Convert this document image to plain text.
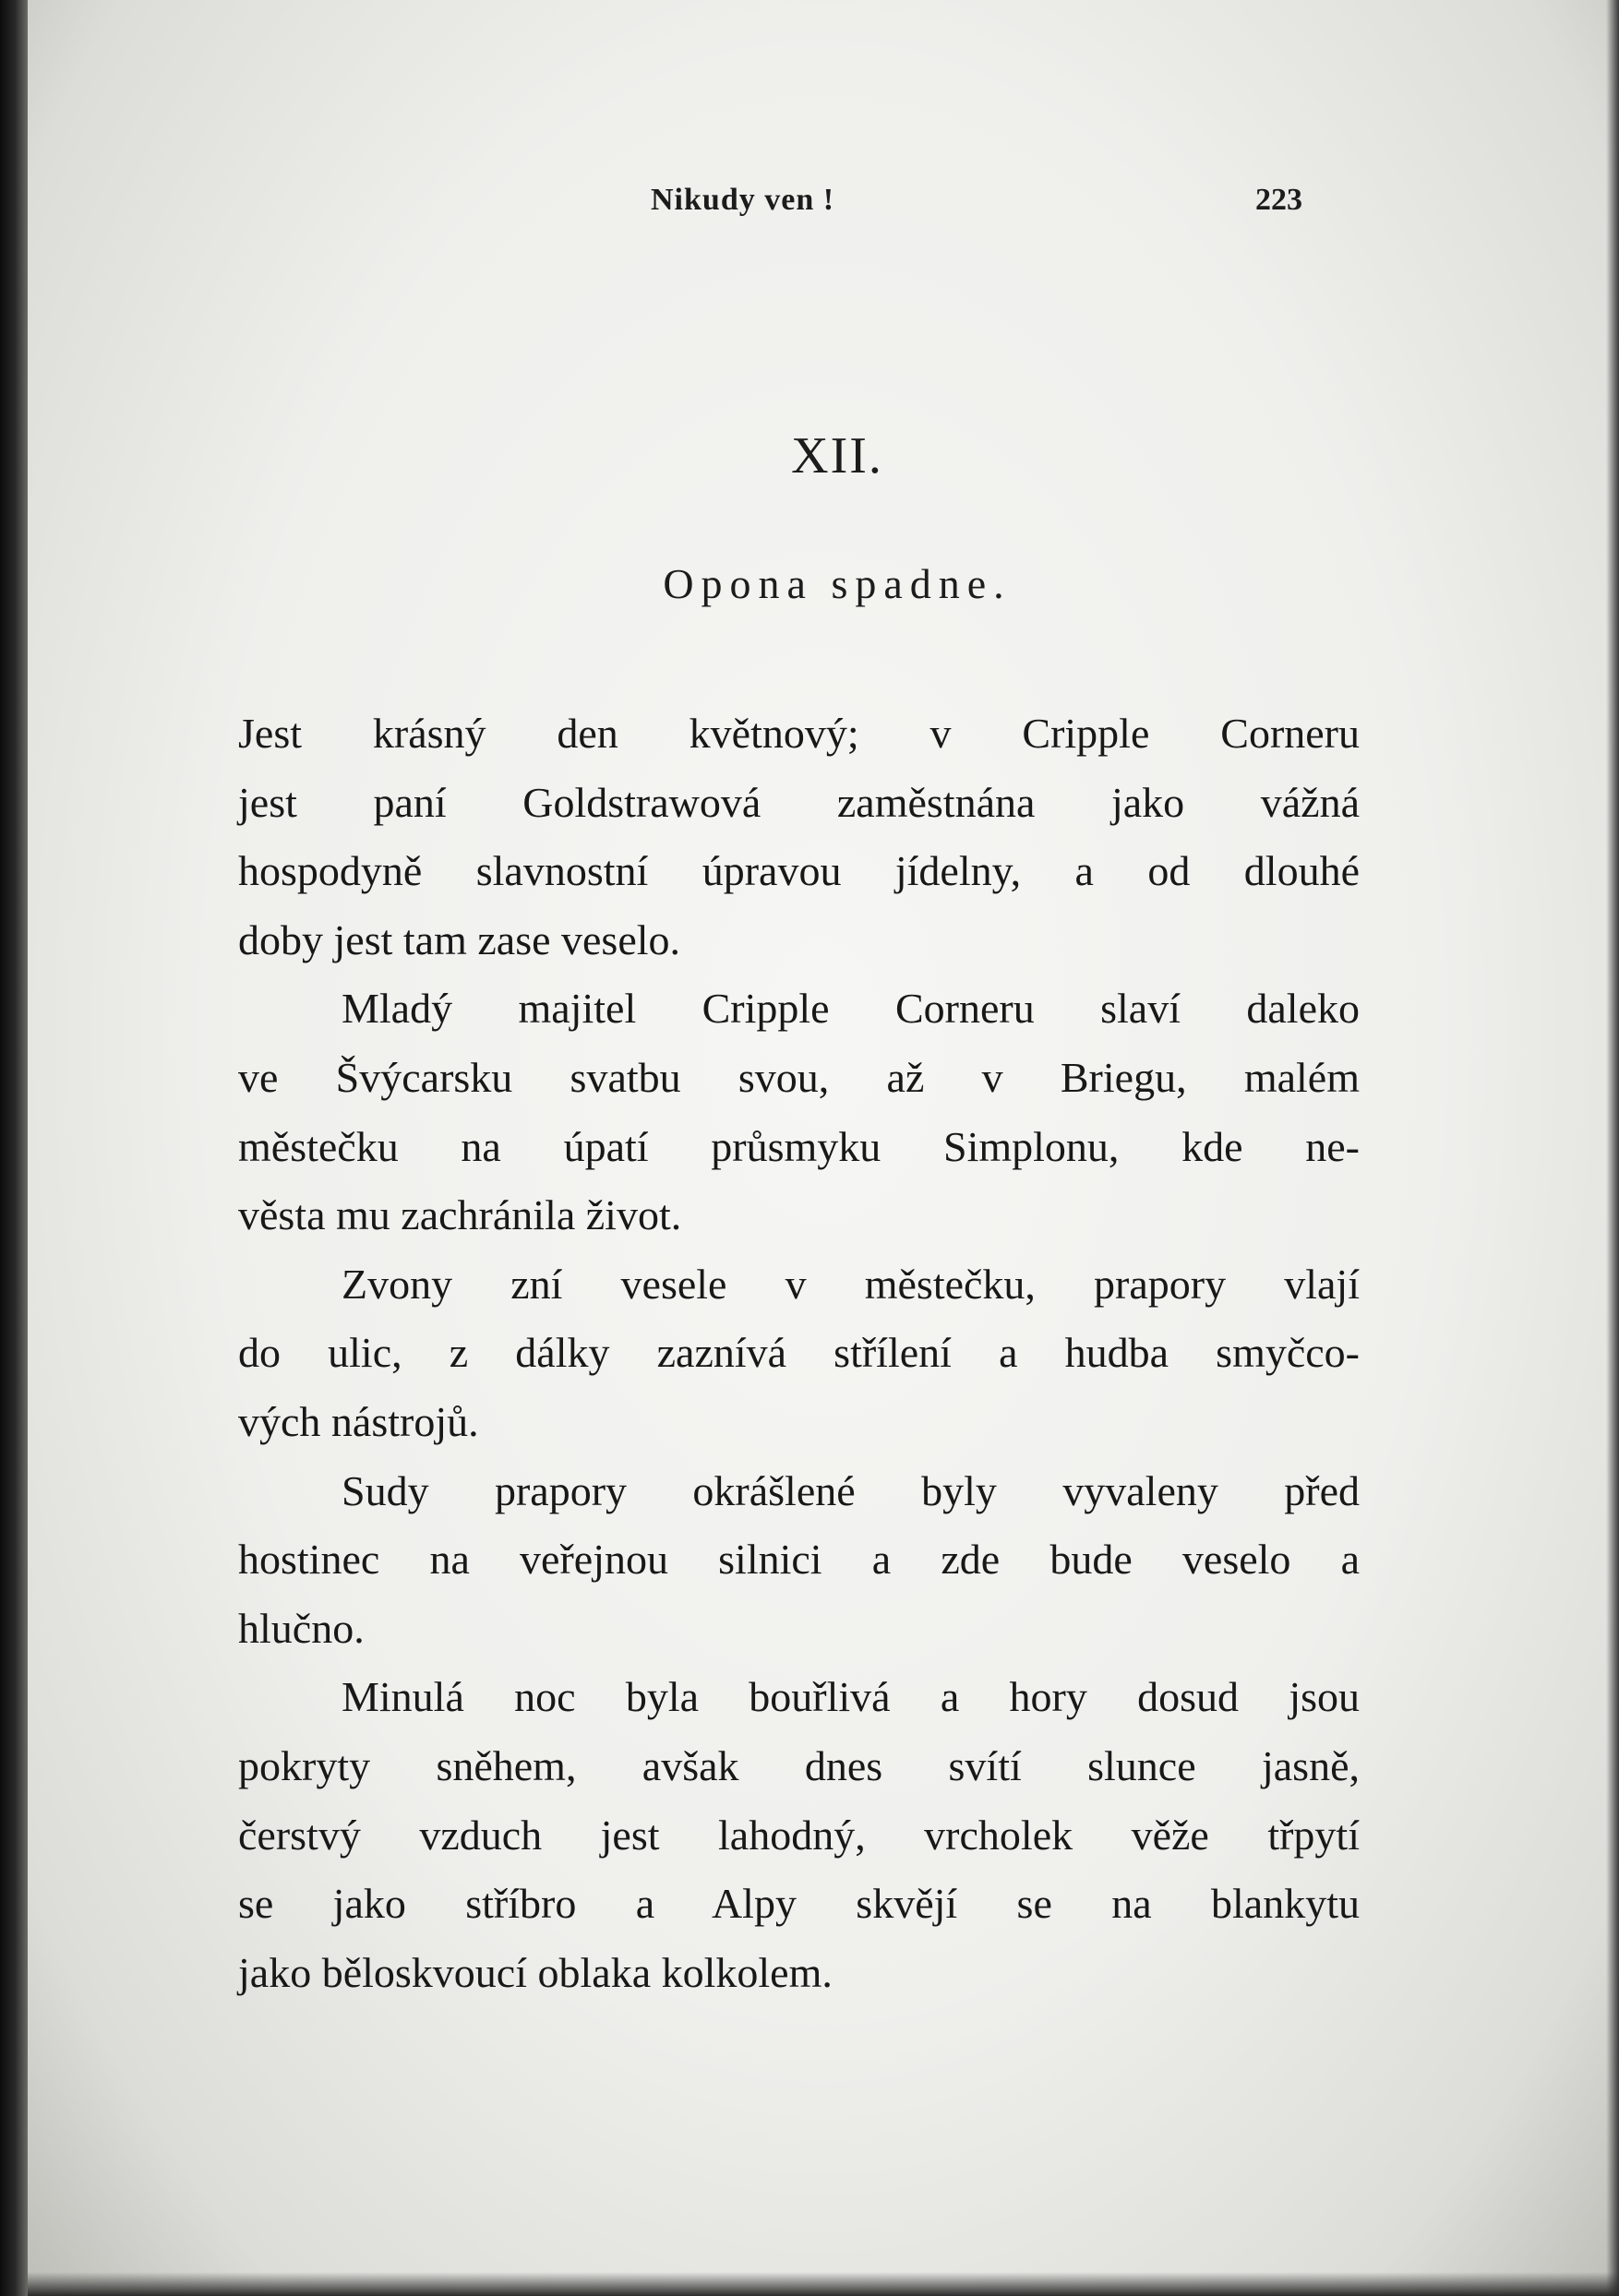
Nikudy ven !	223
XII.
Opona spadne.

Jest krásný den květnový; v Cripple Corneru
jest paní Goldstrawová zaměstnána jako vážná
hospodyně slavnostní úpravou jídelny, a od dlouhé
doby jest tam zase veselo.

Mladý majitel Cripple Corneru slaví daleko
ve Švýcarsku svatbu svou, až v Briegu, malém
městečku na úpatí průsmyku Simplonu, kde ne-
věsta mu zachránila život.

Zvony zní vesele v městečku, prapory vlají
do ulic, z dálky zaznívá střílení a hudba smyčco-
vých nástrojů.

Sudy prapory okrášlené byly vyvaleny před
hostinec na veřejnou silnici a zde bude veselo a
hlučno.

Minulá noc byla bouřlivá a hory dosud jsou
pokryty sněhem, avšak dnes svítí slunce jasně,
čerstvý vzduch jest lahodný, vrcholek věže třpytí
se jako stříbro a Alpy skvějí se na blankytu
jako běloskvoucí oblaka kolkolem.
